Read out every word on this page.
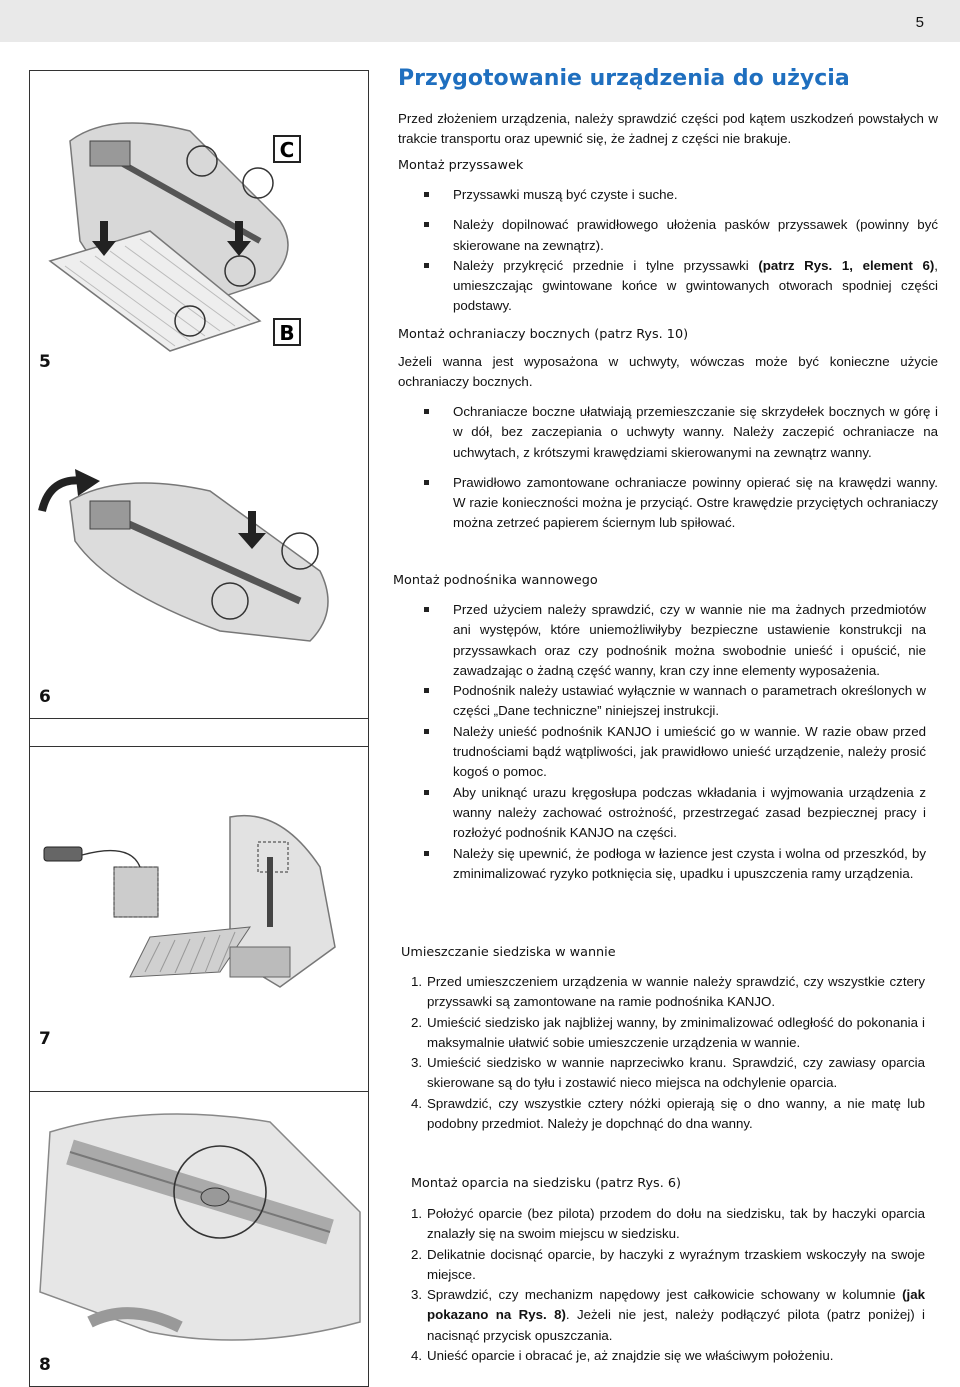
5
C
B
5
6
7
8
Przygotowanie urządzenia do użycia

Przed złożeniem urządzenia, należy sprawdzić części pod kątem uszkodzeń powstałych w trakcie transportu oraz upewnić się, że żadnej z części nie brakuje.

Montaż przyssawek
Przyssawki muszą być czyste i suche.
Należy dopilnować prawidłowego ułożenia pasków przyssawek (powinny być skierowane na zewnątrz).
Należy przykręcić przednie i tylne przyssawki (patrz Rys. 1, element 6), umieszczając gwintowane końce w gwintowanych otworach spodniej części podstawy.
Montaż ochraniaczy bocznych (patrz Rys. 10)

Jeżeli wanna jest wyposażona w uchwyty, wówczas może być konieczne użycie ochraniaczy bocznych.

Ochraniacze boczne ułatwiają przemieszczanie się skrzydełek bocznych w górę i w dół, bez zaczepiania o uchwyty wanny. Należy zaczepić ochraniacze na uchwytach, z krótszymi krawędziami skierowanymi na zewnątrz wanny.
Prawidłowo zamontowane ochraniacze powinny opierać się na krawędzi wanny. W razie konieczności można je przyciąć. Ostre krawędzie przyciętych ochraniaczy można zetrzeć papierem ściernym lub spiłować.
Montaż podnośnika wannowego
Przed użyciem należy sprawdzić, czy w wannie nie ma żadnych przedmiotów ani występów, które uniemożliwiłyby bezpieczne ustawienie konstrukcji na przyssawkach oraz czy podnośnik można swobodnie unieść i opuścić, nie zawadzając o żadną część wanny, kran czy inne elementy wyposażenia.
Podnośnik należy ustawiać wyłącznie w wannach o parametrach określonych w części „Dane techniczne” niniejszej instrukcji.
Należy unieść podnośnik KANJO i umieścić go w wannie. W razie obaw przed trudnościami bądź wątpliwości, jak prawidłowo unieść urządzenie, należy prosić kogoś o pomoc.
Aby uniknąć urazu kręgosłupa podczas wkładania i wyjmowania urządzenia z wanny należy zachować ostrożność, przestrzegać zasad bezpiecznej pracy i rozłożyć podnośnik KANJO na części.
Należy się upewnić, że podłoga w łazience jest czysta i wolna od przeszkód, by zminimalizować ryzyko potknięcia się, upadku i upuszczenia ramy urządzenia.
Umieszczanie siedziska w wannie
1. Przed umieszczeniem urządzenia w wannie należy sprawdzić, czy wszystkie cztery przyssawki są zamontowane na ramie podnośnika KANJO.
2. Umieścić siedzisko jak najbliżej wanny, by zminimalizować odległość do pokonania i maksymalnie ułatwić sobie umieszczenie urządzenia w wannie.
3. Umieścić siedzisko w wannie naprzeciwko kranu. Sprawdzić, czy zawiasy oparcia skierowane są do tyłu i zostawić nieco miejsca na odchylenie oparcia.
4. Sprawdzić, czy wszystkie cztery nóżki opierają się o dno wanny, a nie matę lub podobny przedmiot. Należy je dopchnąć do dna wanny.
Montaż oparcia na siedzisku (patrz Rys. 6)
1. Położyć oparcie (bez pilota) przodem do dołu na siedzisku, tak by haczyki oparcia znalazły się na swoim miejscu w siedzisku.
2. Delikatnie docisnąć oparcie, by haczyki z wyraźnym trzaskiem wskoczyły na swoje miejsce.
3. Sprawdzić, czy mechanizm napędowy jest całkowicie schowany w kolumnie (jak pokazano na Rys. 8). Jeżeli nie jest, należy podłączyć pilota (patrz poniżej) i nacisnąć przycisk opuszczania.
4. Unieść oparcie i obracać je, aż znajdzie się we właściwym położeniu.
